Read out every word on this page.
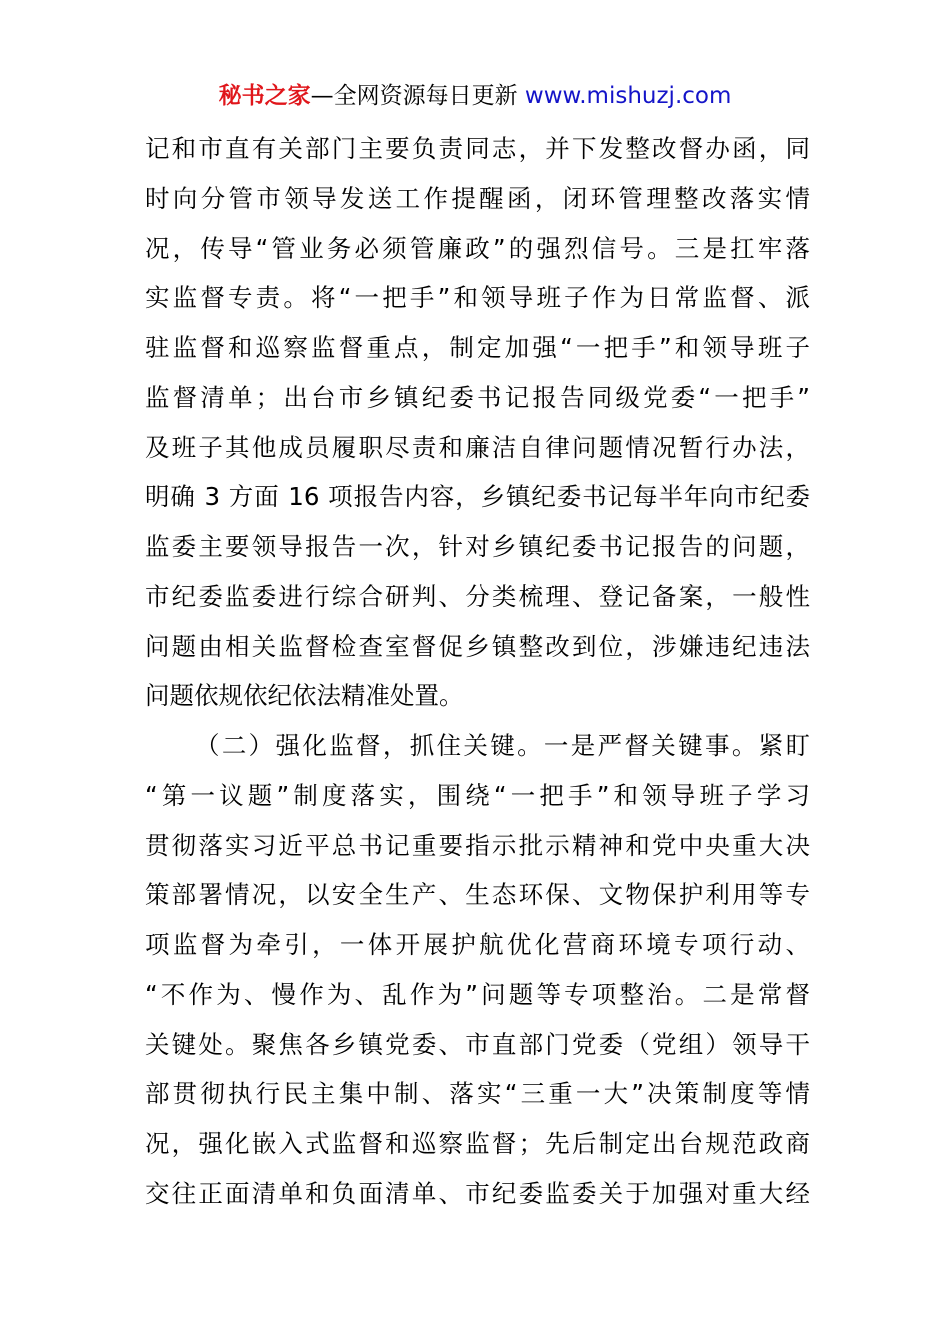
秘书之家—全网资源每日更新 www.mishuzj.com
记和市直有关部门主要负责同志，并下发整改督办函，同
时向分管市领导发送工作提醒函，闭环管理整改落实情
况，传导“管业务必须管廉政”的强烈信号。三是扛牢落
实监督专责。将“一把手”和领导班子作为日常监督、派
驻监督和巡察监督重点，制定加强“一把手”和领导班子
监督清单；出台市乡镇纪委书记报告同级党委“一把手”
及班子其他成员履职尽责和廉洁自律问题情况暂行办法，
明确 3 方面 16 项报告内容，乡镇纪委书记每半年向市纪委
监委主要领导报告一次，针对乡镇纪委书记报告的问题，
市纪委监委进行综合研判、分类梳理、登记备案，一般性
问题由相关监督检查室督促乡镇整改到位，涉嫌违纪违法
问题依规依纪依法精准处置。
（二）强化监督，抓住关键。一是严督关键事。紧盯
“第一议题”制度落实，围绕“一把手”和领导班子学习
贯彻落实习近平总书记重要指示批示精神和党中央重大决
策部署情况，以安全生产、生态环保、文物保护利用等专
项监督为牵引，一体开展护航优化营商环境专项行动、
“不作为、慢作为、乱作为”问题等专项整治。二是常督
关键处。聚焦各乡镇党委、市直部门党委（党组）领导干
部贯彻执行民主集中制、落实“三重一大”决策制度等情
况，强化嵌入式监督和巡察监督；先后制定出台规范政商
交往正面清单和负面清单、市纪委监委关于加强对重大经
